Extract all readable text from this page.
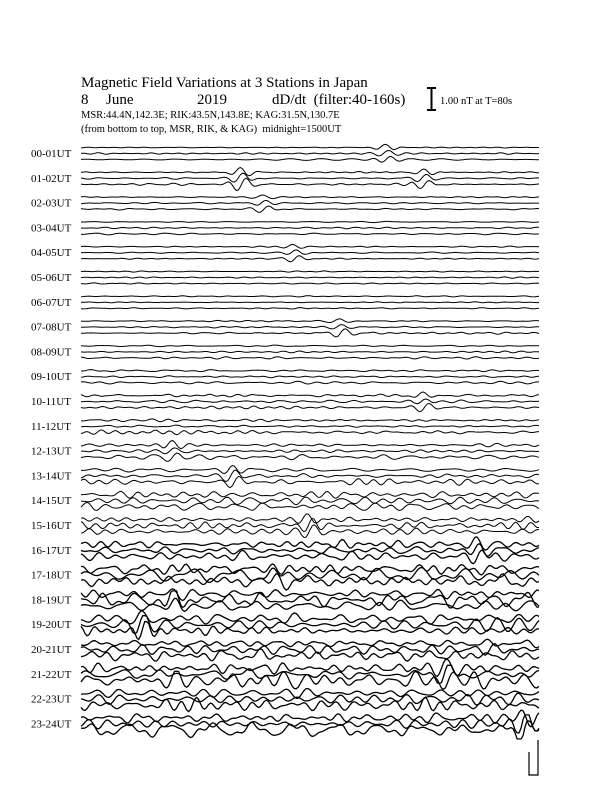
Magnetic Field Variations at 3 Stations in Japan
8 June	2019	dD/dt  (filter:40-160s)
MSR:44.4N,142.3E; RIK:43.5N,143.8E; KAG:31.5N,130.7E
(from bottom to top, MSR, RIK, & KAG)  midnight=1500UT
1.00 nT at T=80s
00-01UT
01-02UT
02-03UT
03-04UT
04-05UT
05-06UT
06-07UT
07-08UT
08-09UT
09-10UT
10-11UT
11-12UT
12-13UT
13-14UT
14-15UT
15-16UT
16-17UT
17-18UT
18-19UT
19-20UT
20-21UT
21-22UT
22-23UT
23-24UT
